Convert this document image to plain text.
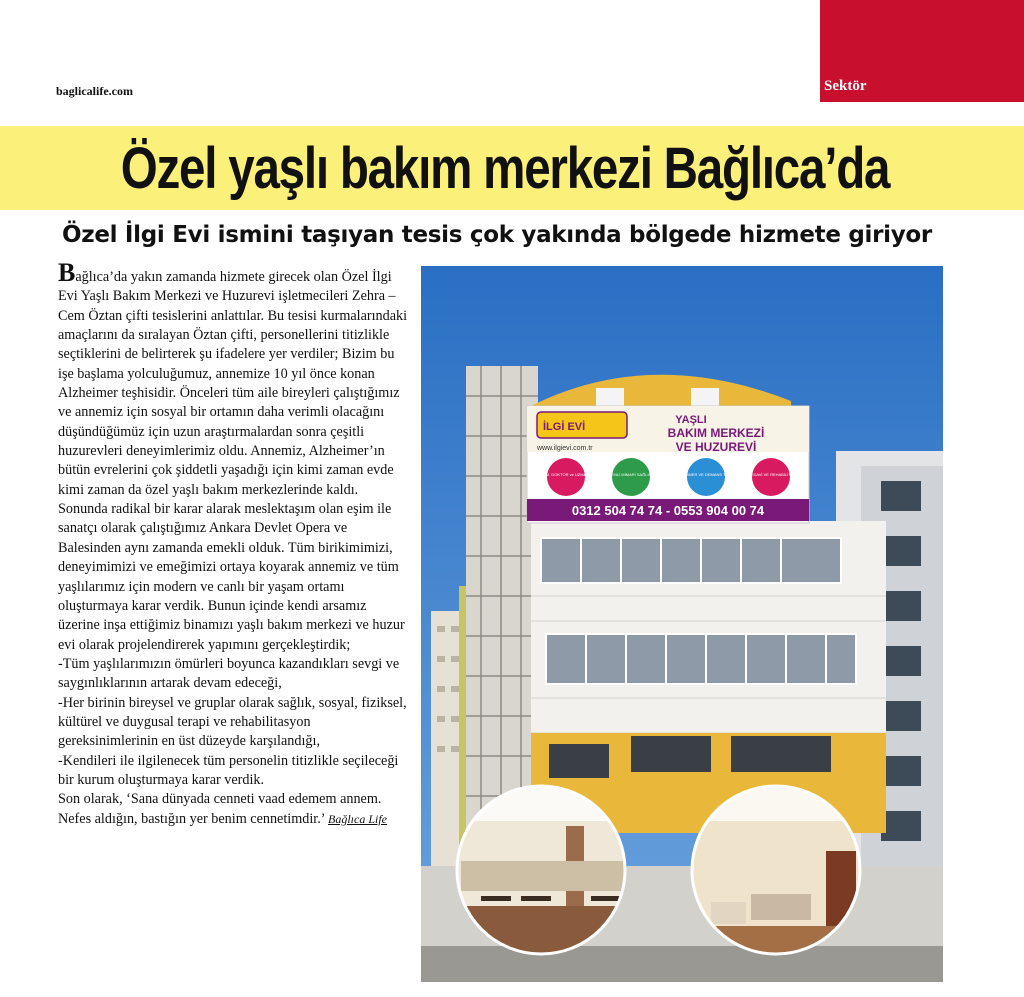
Sektör
baglicalife.com
Özel yaşlı bakım merkezi Bağlıca’da
Özel İlgi Evi ismini taşıyan tesis çok yakında bölgede hizmete giriyor

Bağlıca’da yakın zamanda hizmete girecek olan Özel İlgi Evi Yaşlı Bakım Merkezi ve Huzurevi işletmecileri Zehra – Cem Öztan çifti tesislerini anlattılar. Bu tesisi kurmalarındaki amaçlarını da sıralayan Öztan çifti, personellerini titizlikle seçtiklerini de belirterek şu ifadelere yer verdiler; Bizim bu işe başlama yolculuğumuz, annemize 10 yıl önce konan Alzheimer teşhisidir. Önceleri tüm aile bireyleri çalıştığımız ve annemiz için sosyal bir ortamın daha verimli olacağını düşündüğümüz için uzun araştırmalardan sonra çeşitli huzurevleri deneyimlerimiz oldu. Annemiz, Alzheimer’ın bütün evrelerini çok şiddetli yaşadığı için kimi zaman evde kimi zaman da özel yaşlı bakım merkezlerinde kaldı. Sonunda radikal bir karar alarak meslektaşım olan eşim ile sanatçı olarak çalıştığımız Ankara Devlet Opera ve Balesinden aynı zamanda emekli olduk. Tüm birikimimizi, deneyimimizi ve emeğimizi ortaya koyarak annemiz ve tüm yaşlılarımız için modern ve canlı bir yaşam ortamı oluşturmaya karar verdik. Bunun içinde kendi arsamız üzerine inşa ettiğimiz binamızı yaşlı bakım merkezi ve huzur evi olarak projelendirerek yapımını gerçekleştirdik;

-Tüm yaşlılarımızın ömürleri boyunca kazandıkları sevgi ve saygınlıklarının artarak devam edeceği,

-Her birinin bireysel ve gruplar olarak sağlık, sosyal, fiziksel, kültürel ve duygusal terapi ve rehabilitasyon gereksinimlerinin en üst düzeyde karşılandığı,

-Kendileri ile ilgilenecek tüm personelin titizlikle seçileceği bir kurum oluşturmaya karar verdik.

Son olarak, ‘Sana dünyada cenneti vaad edemem annem. Nefes aldığın, bastığın yer benim cennetimdir.’ Bağlıca Life

İLGİ EVİ
YAŞLI
BAKIM MERKEZİ
VE HUZUREVİ
www.ilgievi.com.tr
TAM BAKIM, DOKTOR ve UZMAN KADRO
KEYİFLİ ve ÖZENLİ MİMARİ SAĞLIKLI ORTAMLAR
ALZHEİMER VE DEMANS TERAPİ FİZİK TEDAVİ VE REHABİLİTASYON
0312 504 74 74 - 0553 904 00 74
